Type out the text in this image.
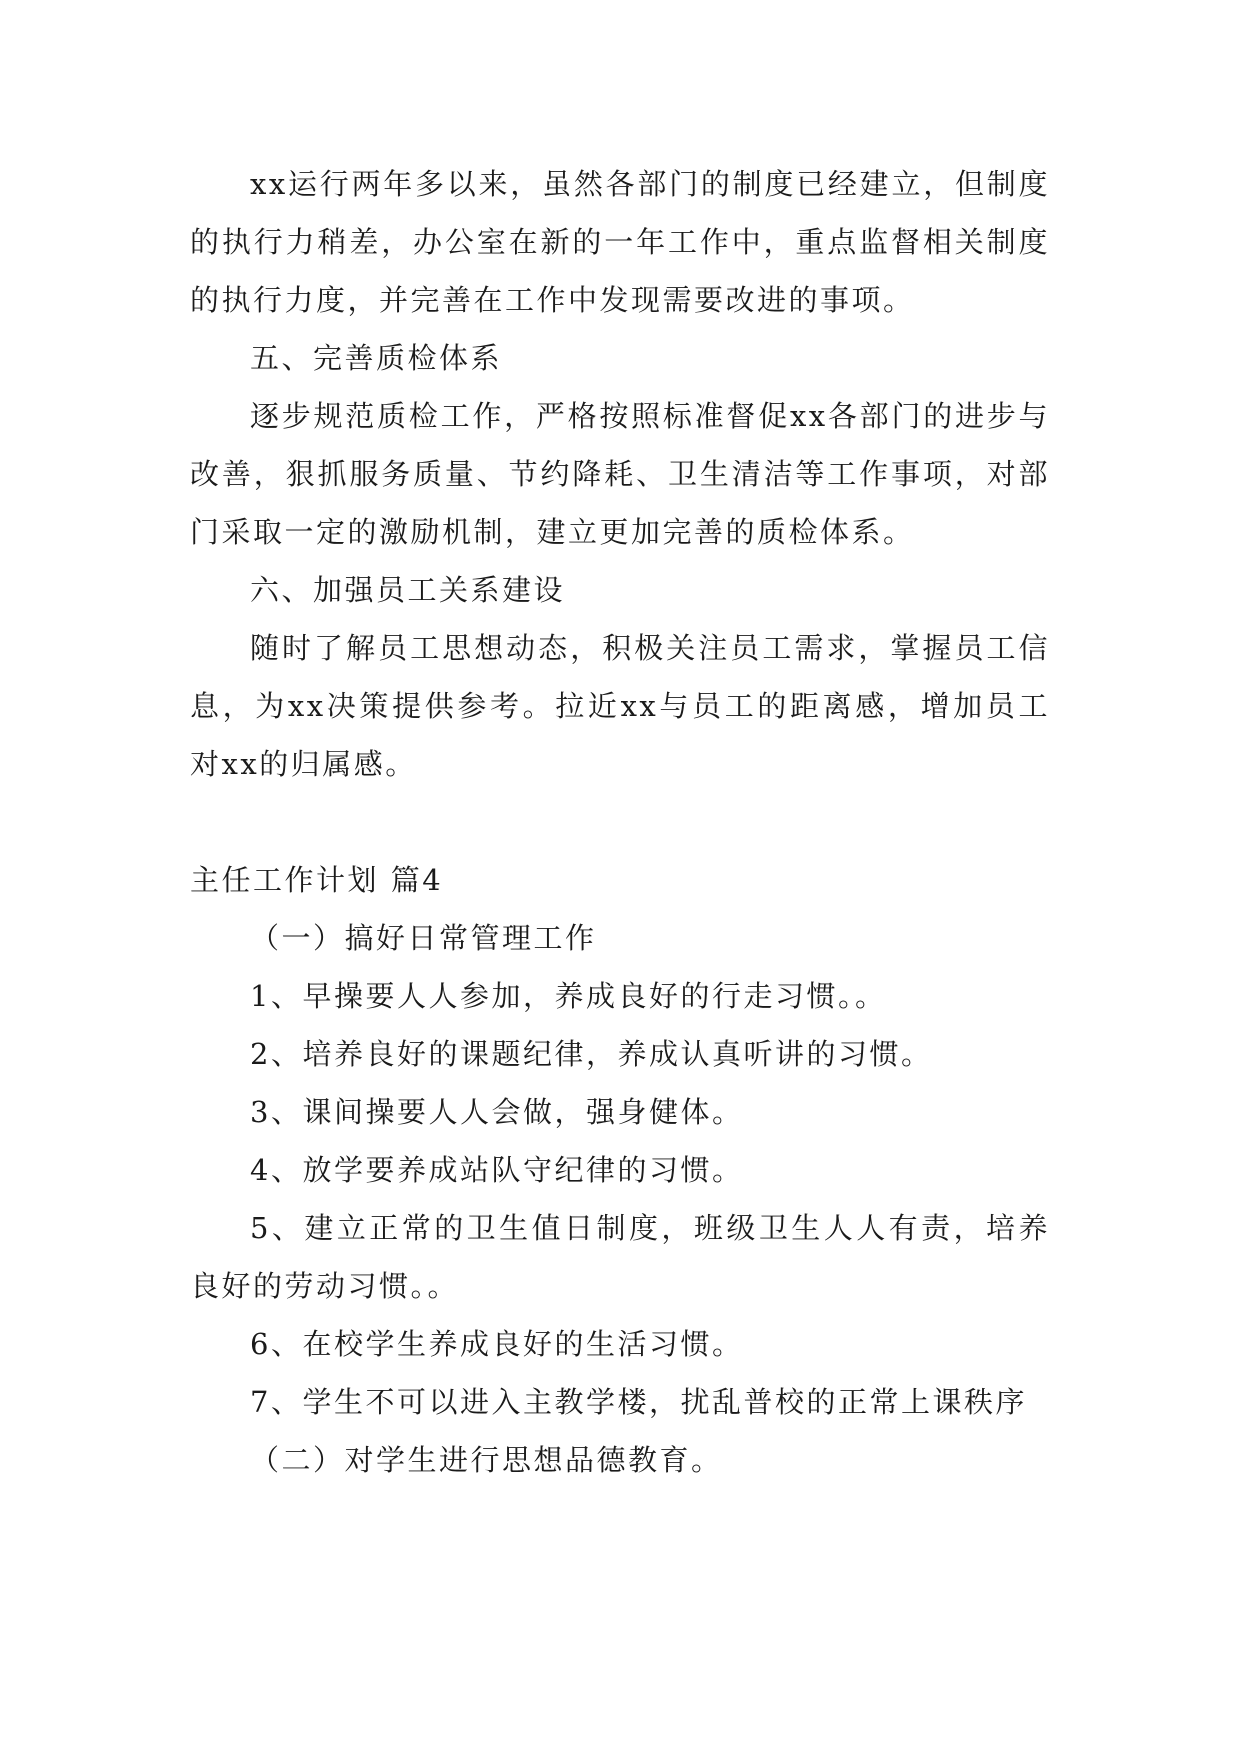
xx运行两年多以来，虽然各部门的制度已经建立，但制度的执行力稍差，办公室在新的一年工作中，重点监督相关制度的执行力度，并完善在工作中发现需要改进的事项。

五、完善质检体系

逐步规范质检工作，严格按照标准督促xx各部门的进步与改善，狠抓服务质量、节约降耗、卫生清洁等工作事项，对部门采取一定的激励机制，建立更加完善的质检体系。

六、加强员工关系建设

随时了解员工思想动态，积极关注员工需求，掌握员工信息，为xx决策提供参考。拉近xx与员工的距离感，增加员工对xx的归属感。

主任工作计划 篇4

（一）搞好日常管理工作

1、早操要人人参加，养成良好的行走习惯。。

2、培养良好的课题纪律，养成认真听讲的习惯。

3、课间操要人人会做，强身健体。

4、放学要养成站队守纪律的习惯。

5、建立正常的卫生值日制度，班级卫生人人有责，培养良好的劳动习惯。。

6、在校学生养成良好的生活习惯。

7、学生不可以进入主教学楼，扰乱普校的正常上课秩序

（二）对学生进行思想品德教育。
